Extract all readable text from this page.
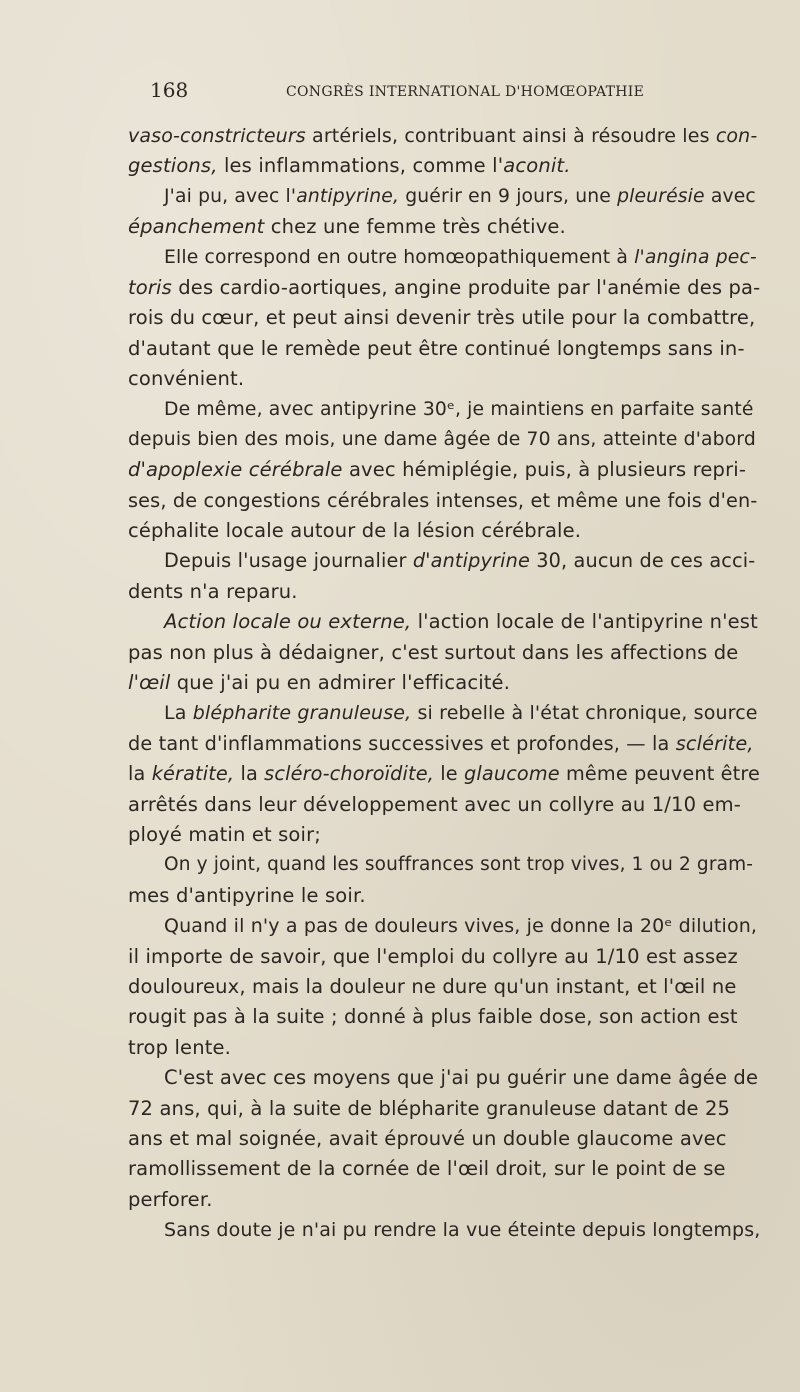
168	CONGRÈS INTERNATIONAL D'HOMŒOPATHIE
vaso-constricteurs artériels, contribuant ainsi à résoudre les con-
gestions, les inflammations, comme l'aconit.
J'ai pu, avec l'antipyrine, guérir en 9 jours, une pleurésie avec
épanchement chez une femme très chétive.
Elle correspond en outre homœopathiquement à l'angina pec-
toris des cardio-aortiques, angine produite par l'anémie des pa-
rois du cœur, et peut ainsi devenir très utile pour la combattre,
d'autant que le remède peut être continué longtemps sans in-
convénient.
De même, avec antipyrine 30ᵉ, je maintiens en parfaite santé
depuis bien des mois, une dame âgée de 70 ans, atteinte d'abord
d'apoplexie cérébrale avec hémiplégie, puis, à plusieurs repri-
ses, de congestions cérébrales intenses, et même une fois d'en-
céphalite locale autour de la lésion cérébrale.
Depuis l'usage journalier d'antipyrine 30, aucun de ces acci-
dents n'a reparu.
Action locale ou externe, l'action locale de l'antipyrine n'est
pas non plus à dédaigner, c'est surtout dans les affections de
l'œil que j'ai pu en admirer l'efficacité.
La blépharite granuleuse, si rebelle à l'état chronique, source
de tant d'inflammations successives et profondes, — la sclérite,
la kératite, la scléro-choroïdite, le glaucome même peuvent être
arrêtés dans leur développement avec un collyre au 1/10 em-
ployé matin et soir;
On y joint, quand les souffrances sont trop vives, 1 ou 2 gram-
mes d'antipyrine le soir.
Quand il n'y a pas de douleurs vives, je donne la 20ᵉ dilution,
il importe de savoir, que l'emploi du collyre au 1/10 est assez
douloureux, mais la douleur ne dure qu'un instant, et l'œil ne
rougit pas à la suite ; donné à plus faible dose, son action est
trop lente.
C'est avec ces moyens que j'ai pu guérir une dame âgée de
72 ans, qui, à la suite de blépharite granuleuse datant de 25
ans et mal soignée, avait éprouvé un double glaucome avec
ramollissement de la cornée de l'œil droit, sur le point de se
perforer.
Sans doute je n'ai pu rendre la vue éteinte depuis longtemps,
